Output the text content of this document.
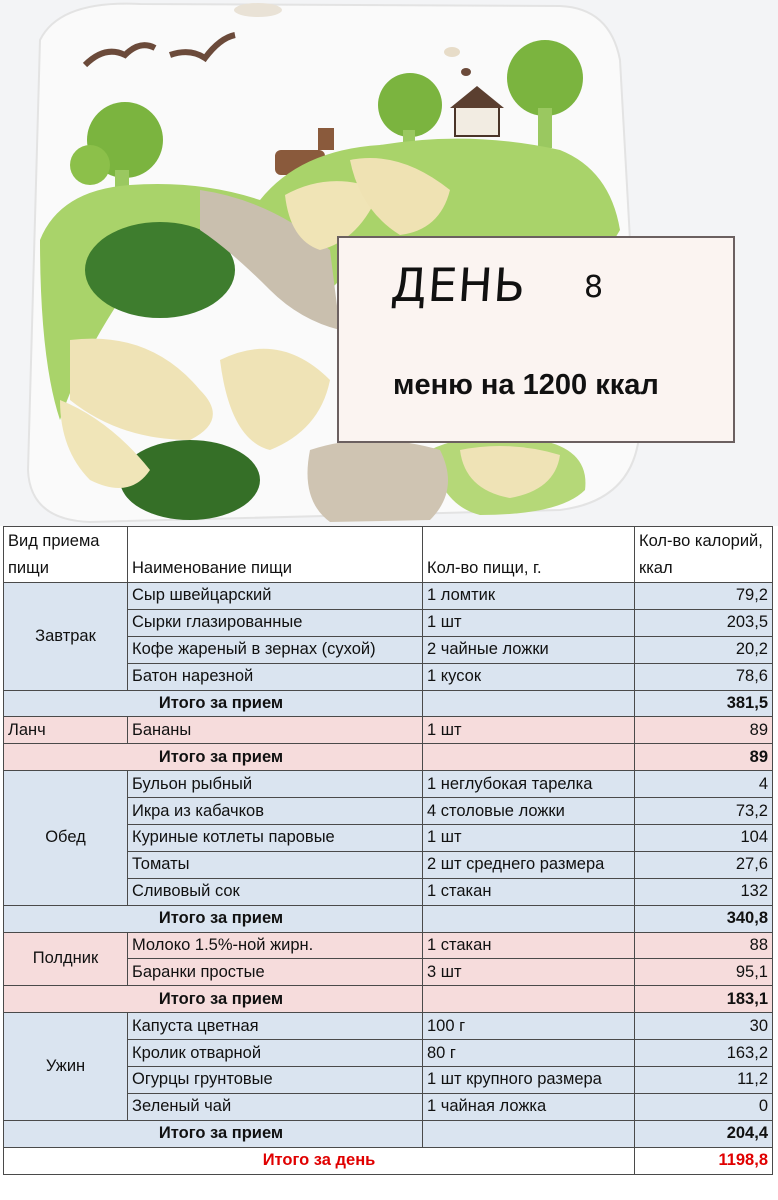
ДЕНЬ 8
меню на 1200 ккал
Вид приема пищи	Наименование пищи	Кол-во пищи, г.	Кол-во калорий, ккал
Завтрак	Сыр швейцарский	1 ломтик	79,2
	Сырки глазированные	1 шт	203,5
	Кофе жареный в зернах (сухой)	2 чайные ложки	20,2
	Батон нарезной	1 кусок	78,6
Итого за прием			381,5
Ланч	Бананы	1 шт	89
Итого за прием			89
Обед	Бульон рыбный	1 неглубокая тарелка	4
	Икра из кабачков	4 столовые ложки	73,2
	Куриные котлеты паровые	1 шт	104
	Томаты	2 шт среднего размера	27,6
	Сливовый сок	1 стакан	132
Итого за прием			340,8
Полдник	Молоко 1.5%-ной жирн.	1 стакан	88
	Баранки простые	3 шт	95,1
Итого за прием			183,1
Ужин	Капуста цветная	100 г	30
	Кролик отварной	80 г	163,2
	Огурцы грунтовые	1 шт крупного размера	11,2
	Зеленый чай	1 чайная ложка	0
Итого за прием			204,4
Итого за день			1198,8
